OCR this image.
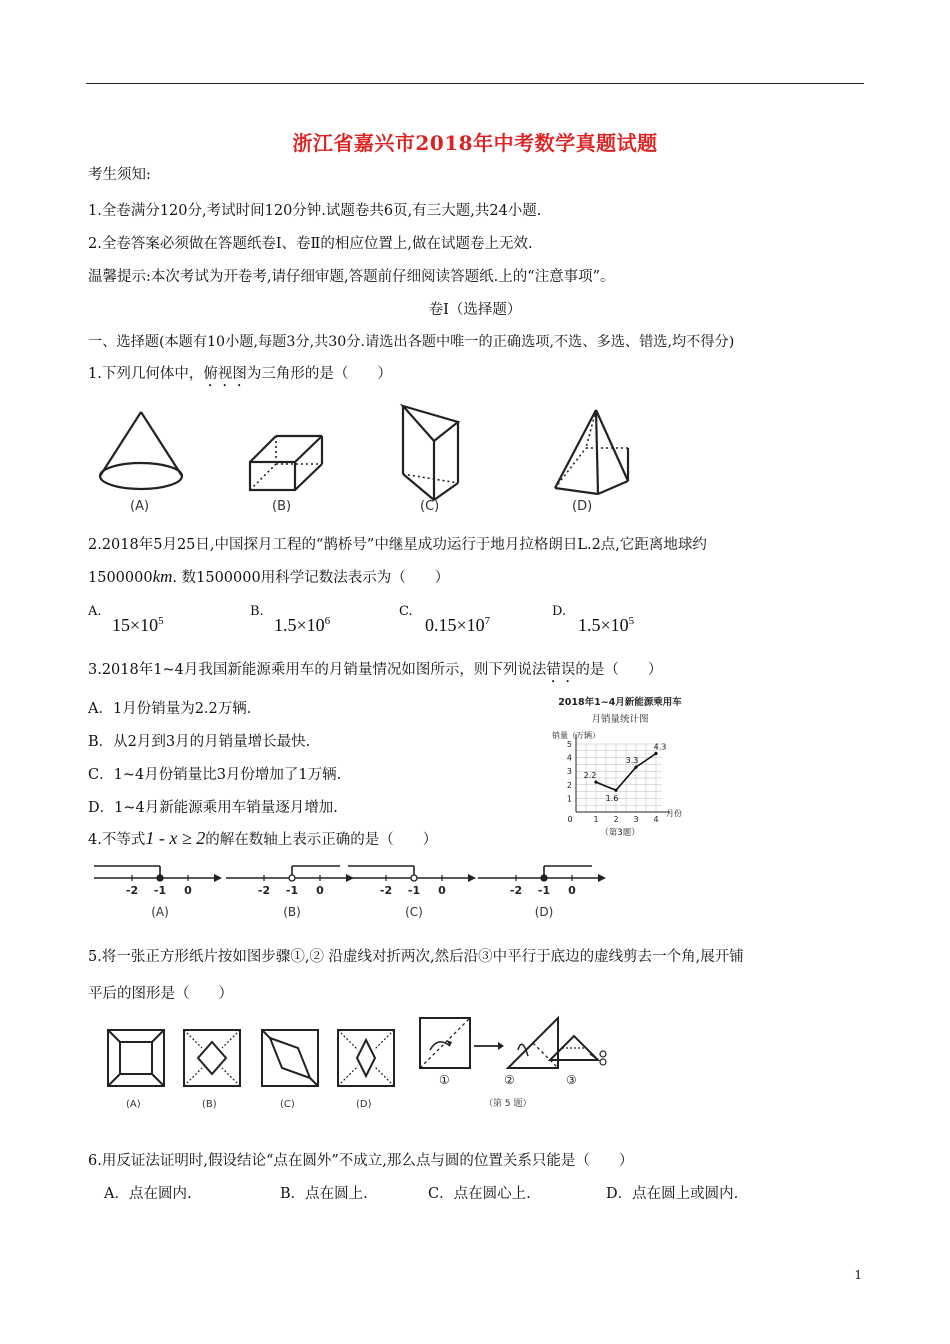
浙江省嘉兴市2018年中考数学真题试题
考生须知:
1.全卷满分120分,考试时间120分钟.试题卷共6页,有三大题,共24小题.
2.全卷答案必须做在答题纸卷Ⅰ、卷Ⅱ的相应位置上,做在试题卷上无效.
温馨提示:本次考试为开卷考,请仔细审题,答题前仔细阅读答题纸.上的“注意事项”。
卷Ⅰ（选择题）
一、选择题(本题有10小题,每题3分,共30分.请选出各题中唯一的正确选项,不选、多选、错选,均不得分)
1.下列几何体中，俯视图为三角形的是（　　）
(A)	(B)	(C)	(D)
2.2018年5月25日,中国探月工程的“鹊桥号”中继星成功运行于地月拉格朗日L.2点,它距离地球约
1500000km. 数1500000用科学记数法表示为（　　）
A.
$15\times 10^5$
B.
$1.5\times 10^6$
C.
$0.15\times 10^7$
D.
$1.5\times 10^5$
3.2018年1~4月我国新能源乘用车的月销量情况如图所示，则下列说法错误的是（　　）
A．1月份销量为2.2万辆.
B．从2月到3月的月销量增长最快.
C．1~4月份销量比3月份增加了1万辆.
D．1~4月新能源乘用车销量逐月增加.
2018年1~4月新能源乘用车
月销量统计图
销量（万辆）
月份
（第3题）
1
2
3
4
5
0	1 2 3 4
2.2
1.6
3.3
4.3
4.不等式1 - x ≥ 2的解在数轴上表示正确的是（　　）
-2 -1 0
(A)
-2 -1 0
(B)
-2 -1 0
(C)
-2 -1 0
(D)
5.将一张正方形纸片按如图步骤①,② 沿虚线对折两次,然后沿③中平行于底边的虚线剪去一个角,展开铺
平后的图形是（　　）
(A)	(B)	(C)	(D)
①	②	③
（第 5 题）
6.用反证法证明时,假设结论“点在圆外”不成立,那么点与圆的位置关系只能是（　　）
A．点在圆内.	B．点在圆上.	C．点在圆心上.	D．点在圆上或圆内.
1
